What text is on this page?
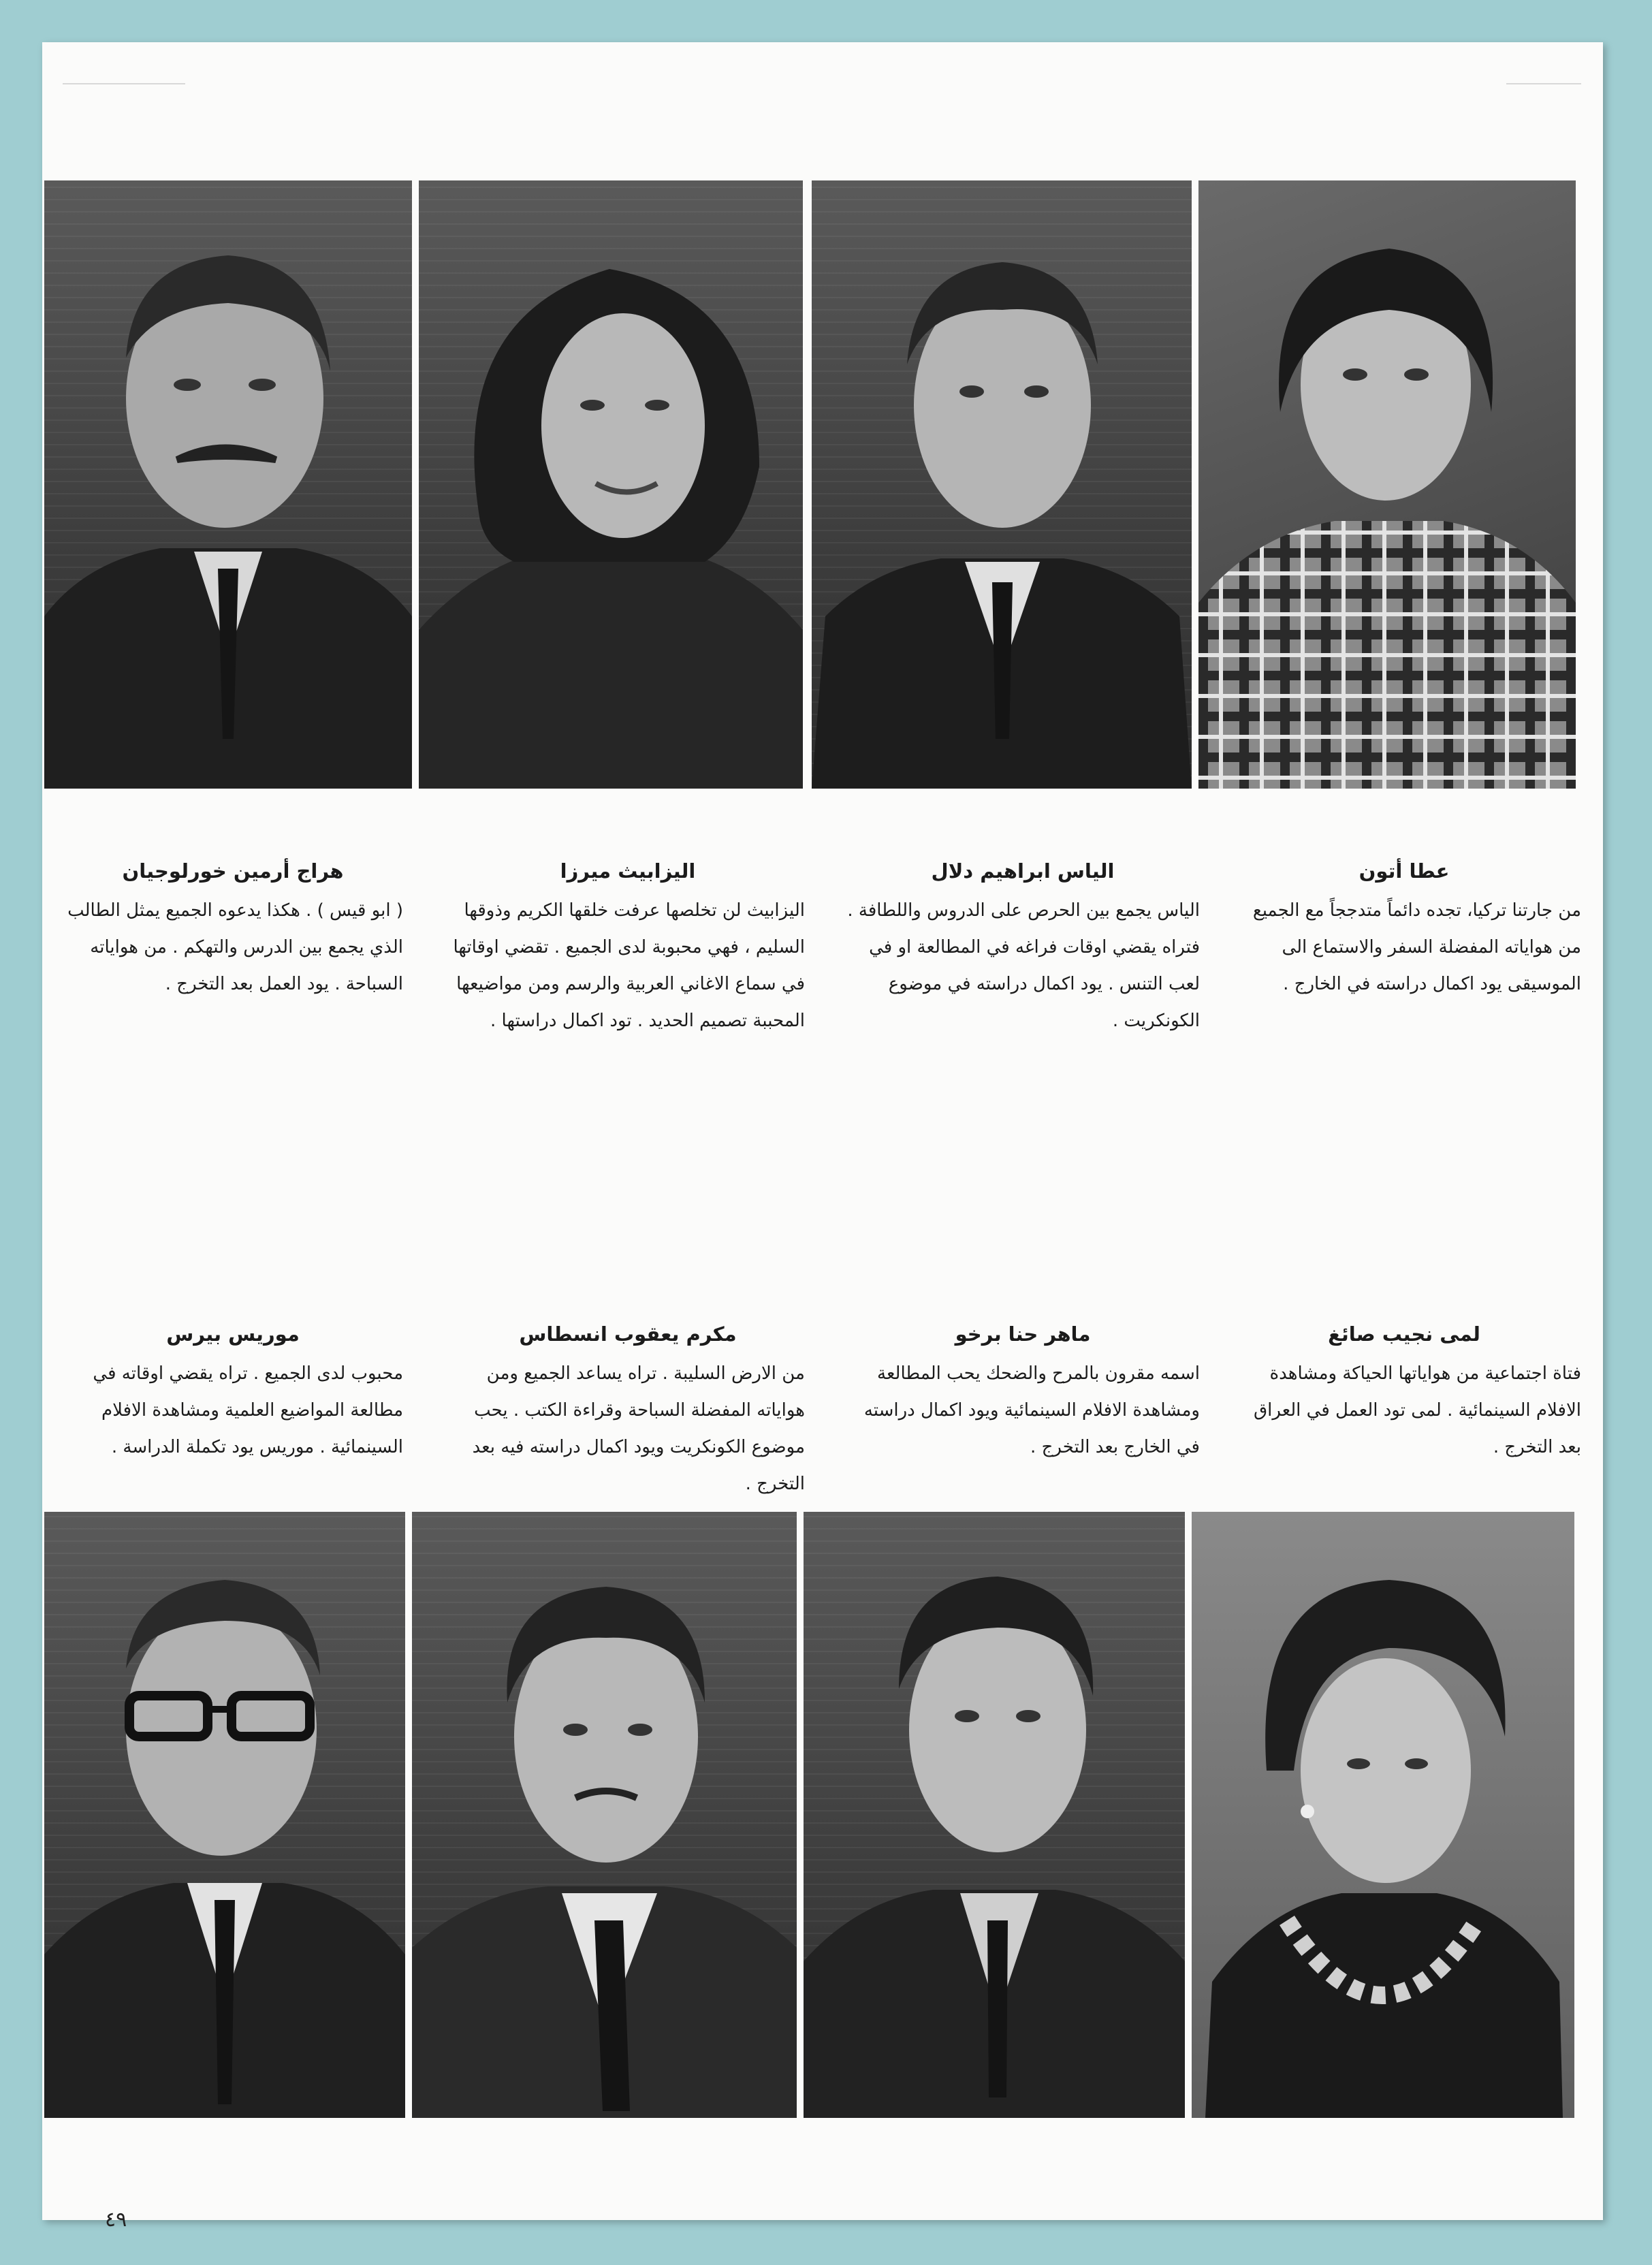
هراج أرمين خورلوجيان
( ابو قيس ) . هكذا يدعوه الجميع يمثل الطالب الذي يجمع بين الدرس والتهكم . من هواياته السباحة . يود العمل بعد التخرج .
اليزابيث ميرزا
اليزابيث لن تخلصها عرفت خلقها الكريم وذوقها السليم ، فهي محبوبة لدى الجميع . تقضي اوقاتها في سماع الاغاني العربية والرسم ومن مواضيعها المحببة تصميم الحديد . تود اكمال دراستها .
الياس ابراهيم دلال
الياس يجمع بين الحرص على الدروس واللطافة . فتراه يقضي اوقات فراغه في المطالعة او في لعب التنس . يود اكمال دراسته في موضوع الكونكريت .
عطا أتون
من جارتنا تركيا، تجده دائماً متدججاً مع الجميع من هواياته المفضلة السفر والاستماع الى الموسيقى يود اكمال دراسته في الخارج .
موريس بيرس
محبوب لدى الجميع . تراه يقضي اوقاته في مطالعة المواضيع العلمية ومشاهدة الافلام السينمائية . موريس يود تكملة الدراسة .
مكرم يعقوب انسطاس
من الارض السليبة . تراه يساعد الجميع ومن هواياته المفضلة السباحة وقراءة الكتب . يحب موضوع الكونكريت ويود اكمال دراسته فيه بعد التخرج .
ماهر حنا برخو
اسمه مقرون بالمرح والضحك يحب المطالعة ومشاهدة الافلام السينمائية ويود اكمال دراسته في الخارج بعد التخرج .
لمى نجيب صائغ
فتاة اجتماعية من هواياتها الحياكة ومشاهدة الافلام السينمائية . لمى تود العمل في العراق بعد التخرج .
٤٩
